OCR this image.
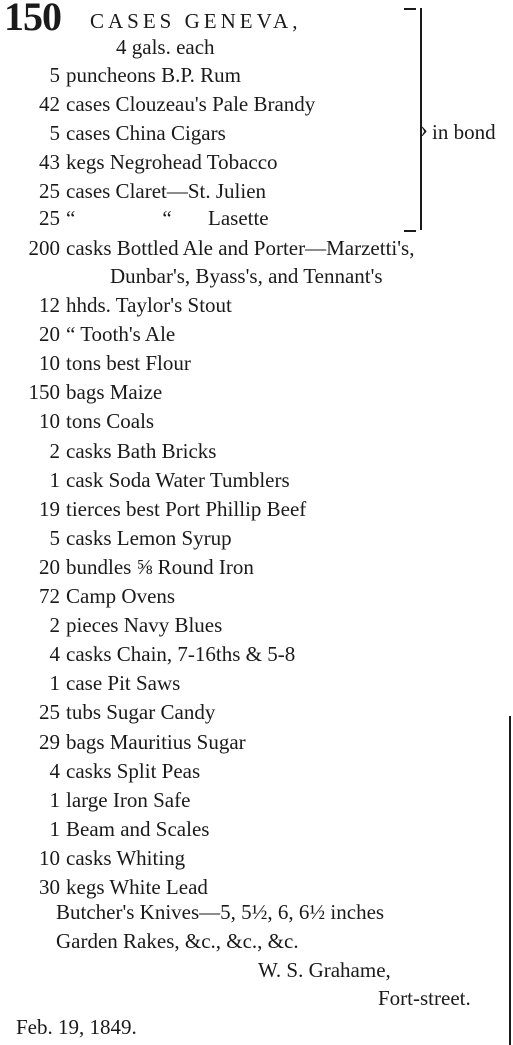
150	CASES GENEVA,
4 gals. each
5 puncheons B.P. Rum
42 cases Clouzeau's Pale Brandy
5 cases China Cigars
43 kegs Negrohead Tobacco
25 cases Claret—St. Julien
25 “	“ Lasette
› in bond
200 casks Bottled Ale and Porter—Marzetti's,
Dunbar's, Byass's, and Tennant's
12 hhds. Taylor's Stout
20 “ Tooth's Ale
10 tons best Flour
150 bags Maize
10 tons Coals
2 casks Bath Bricks
1 cask Soda Water Tumblers
19 tierces best Port Phillip Beef
5 casks Lemon Syrup
20 bundles ⅝ Round Iron
72 Camp Ovens
2 pieces Navy Blues
4 casks Chain, 7-16ths & 5-8
1 case Pit Saws
25 tubs Sugar Candy
29 bags Mauritius Sugar
4 casks Split Peas
1 large Iron Safe
1 Beam and Scales
10 casks Whiting
30 kegs White Lead
Butcher's Knives—5, 5½, 6, 6½ inches
Garden Rakes, &c., &c., &c.
W. S. Grahame,
Fort-street.
Feb. 19, 1849.
